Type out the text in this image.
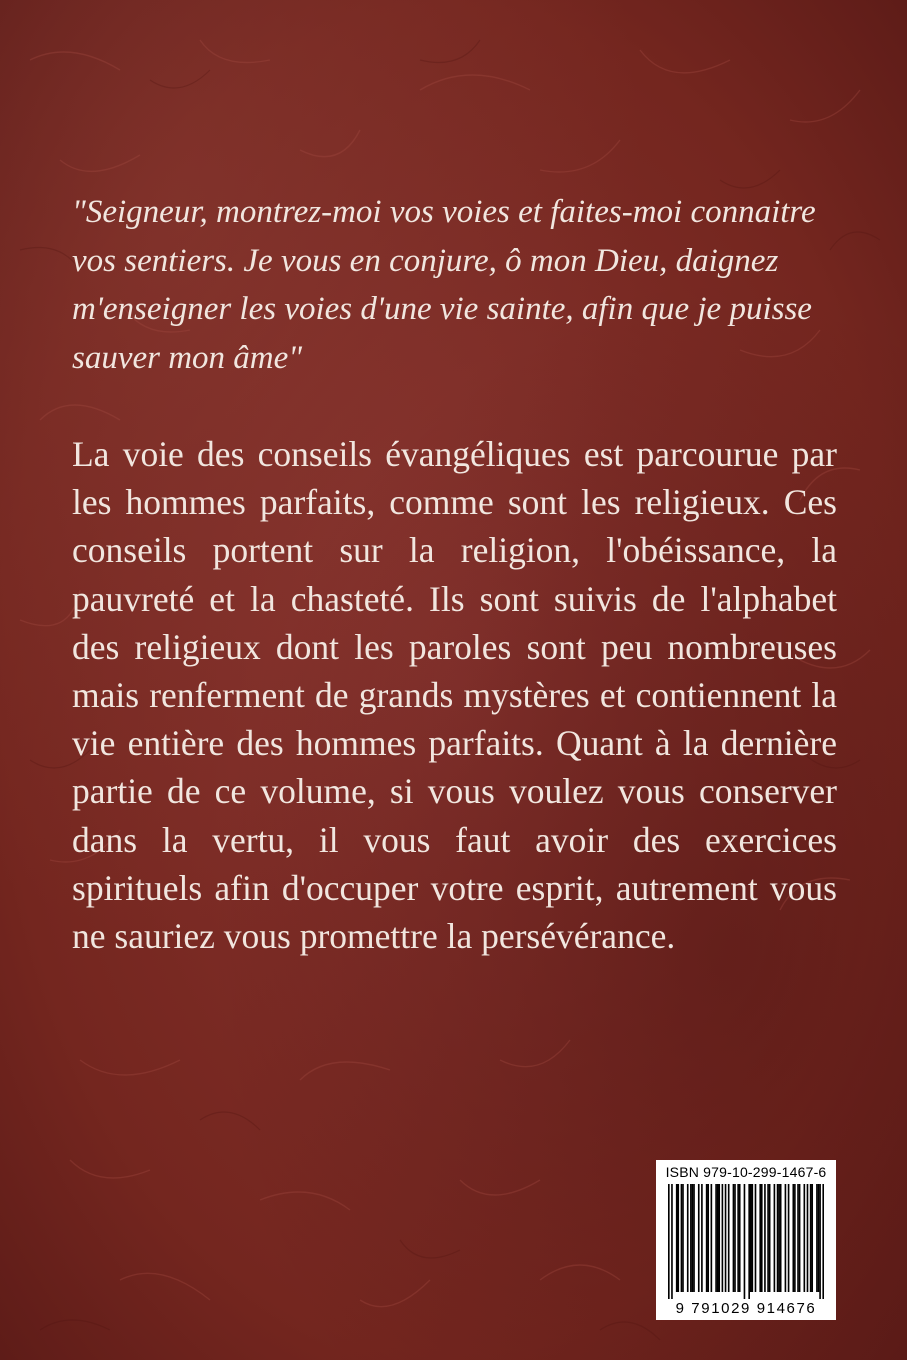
"Seigneur, montrez-moi vos voies et faites-moi connaitre
vos sentiers. Je vous en conjure, ô mon Dieu, daignez
m'enseigner les voies d'une vie sainte, afin que je puisse
sauver mon âme"

La voie des conseils évangéliques est parcourue par les hommes parfaits, comme sont les religieux. Ces conseils portent sur la religion, l'obéissance, la pauvreté et la chasteté. Ils sont suivis de l'alphabet des religieux dont les paroles sont peu nombreuses mais renferment de grands mystères et contiennent la vie entière des hommes parfaits. Quant à la dernière partie de ce volume, si vous voulez vous conserver dans la vertu, il vous faut avoir des exercices spirituels afin d'occuper votre esprit, autrement vous ne sauriez vous promettre la persévérance.

ISBN 979-10-299-1467-6
9 791029 914676
